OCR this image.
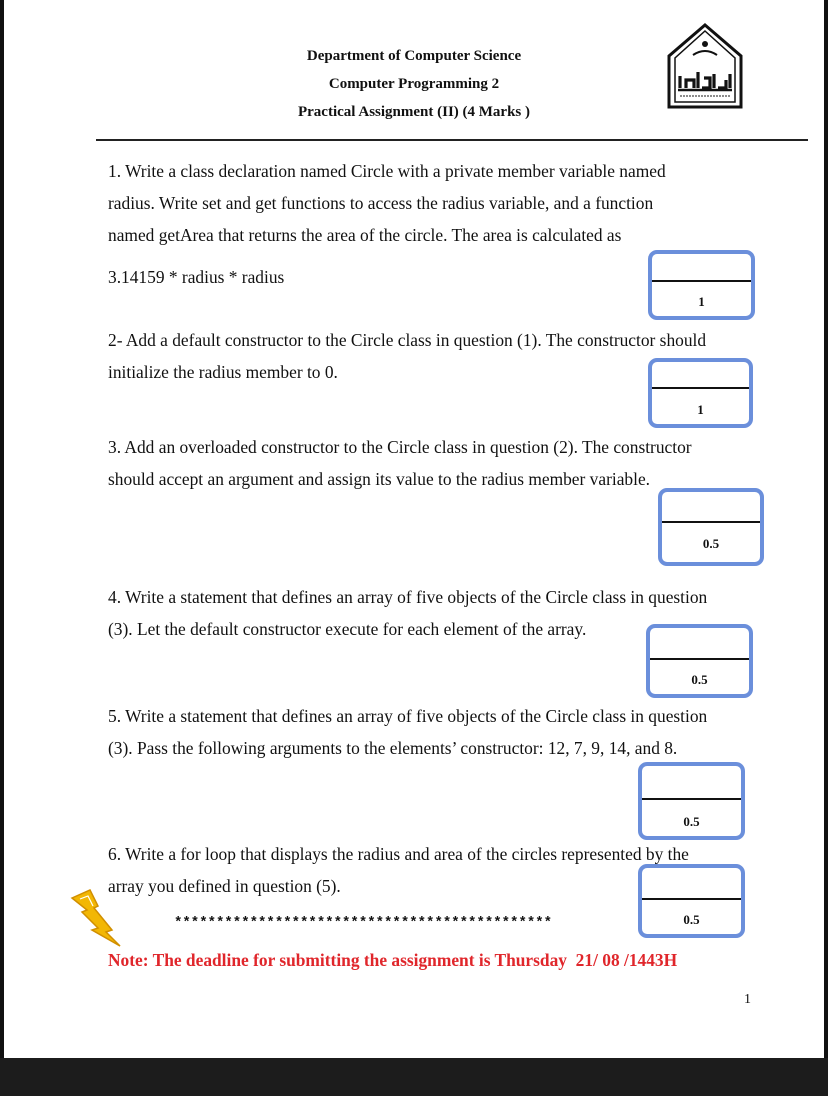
Department of Computer Science
Computer Programming 2
Practical Assignment (II) (4 Marks )

1. Write a class declaration named Circle with a private member variable named

radius. Write set and get functions to access the radius variable, and a function

named getArea that returns the area of the circle. The area is calculated as

3.14159 * radius * radius

1

2- Add a default constructor to the Circle class in question (1). The constructor should

initialize the radius member to 0.

1

3. Add an overloaded constructor to the Circle class in question (2). The constructor

should accept an argument and assign its value to the radius member variable.

0.5

4. Write a statement that defines an array of five objects of the Circle class in question

(3). Let the default constructor execute for each element of the array.

0.5

5. Write a statement that defines an array of five objects of the Circle class in question

(3). Pass the following arguments to the elements’ constructor: 12, 7, 9, 14, and 8.

0.5

6. Write a for loop that displays the radius and area of the circles represented by the

array you defined in question (5).

0.5
*********************************************
Note: The deadline for submitting the assignment is Thursday  21/ 08 /1443H
1
